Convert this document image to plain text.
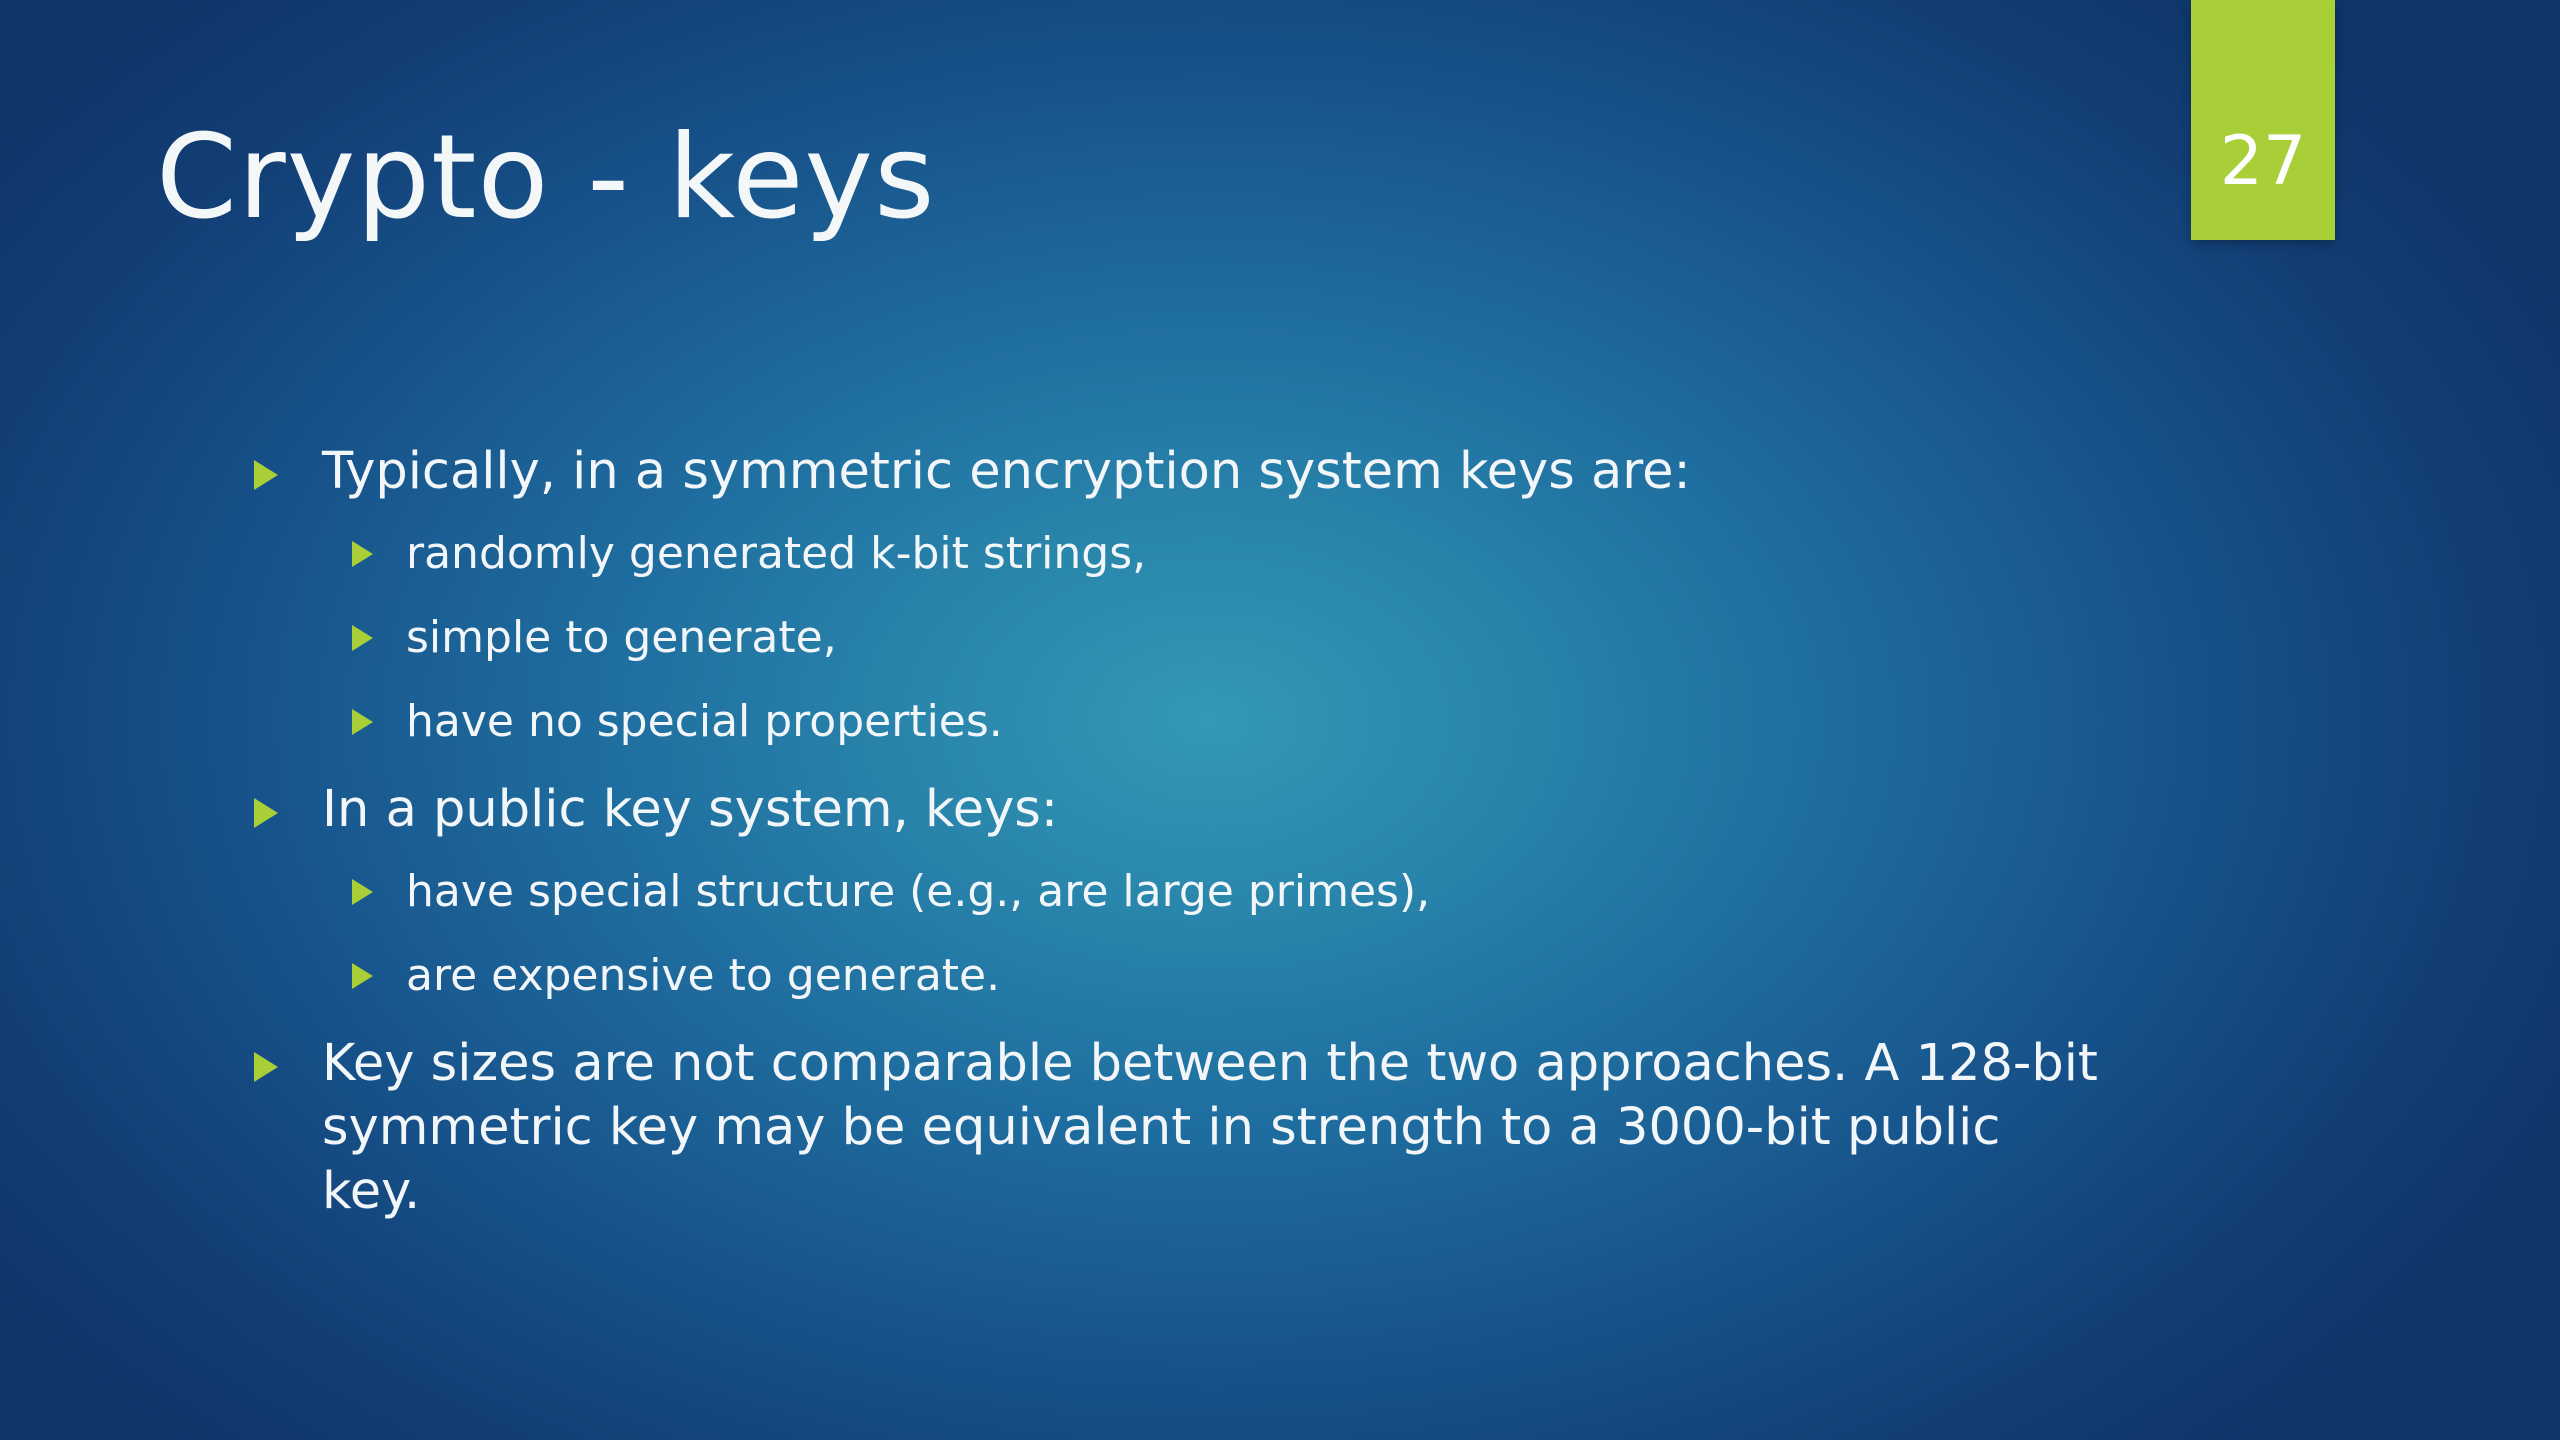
Crypto - keys	27
Typically, in a symmetric encryption system keys are:
randomly generated k-bit strings,
simple to generate,
have no special properties.
In a public key system, keys:
have special structure (e.g., are large primes),
are expensive to generate.
Key sizes are not comparable between the two approaches. A 128-bit symmetric key may be equivalent in strength to a 3000-bit public key.
